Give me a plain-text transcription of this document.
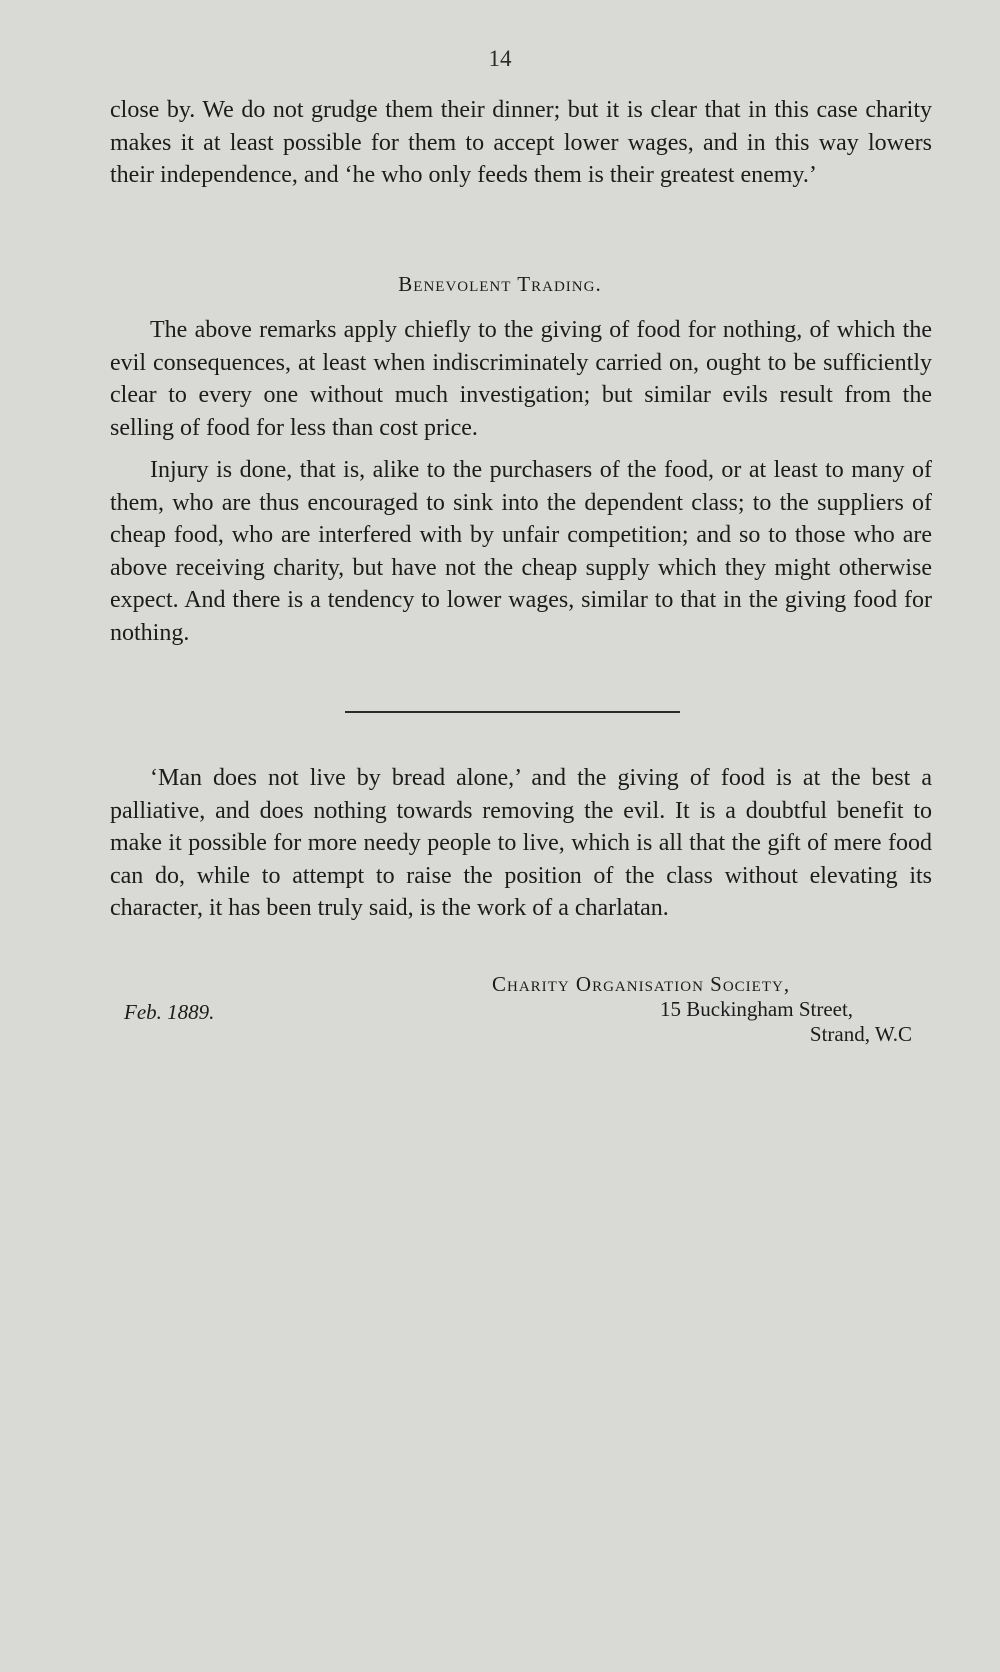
14

close by. We do not grudge them their dinner; but it is clear that in this case charity makes it at least possible for them to accept lower wages, and in this way lowers their independence, and ‘he who only feeds them is their greatest enemy.’

Benevolent Trading.

The above remarks apply chiefly to the giving of food for nothing, of which the evil consequences, at least when indiscriminately carried on, ought to be sufficiently clear to every one without much investigation; but similar evils result from the selling of food for less than cost price.

Injury is done, that is, alike to the purchasers of the food, or at least to many of them, who are thus encouraged to sink into the dependent class; to the suppliers of cheap food, who are interfered with by unfair competition; and so to those who are above receiving charity, but have not the cheap supply which they might otherwise expect. And there is a tendency to lower wages, similar to that in the giving food for nothing.

‘Man does not live by bread alone,’ and the giving of food is at the best a palliative, and does nothing towards removing the evil. It is a doubtful benefit to make it possible for more needy people to live, which is all that the gift of mere food can do, while to attempt to raise the position of the class without elevating its character, it has been truly said, is the work of a charlatan.

Charity Organisation Society,
15 Buckingham Street,
Strand, W.C
Feb. 1889.
